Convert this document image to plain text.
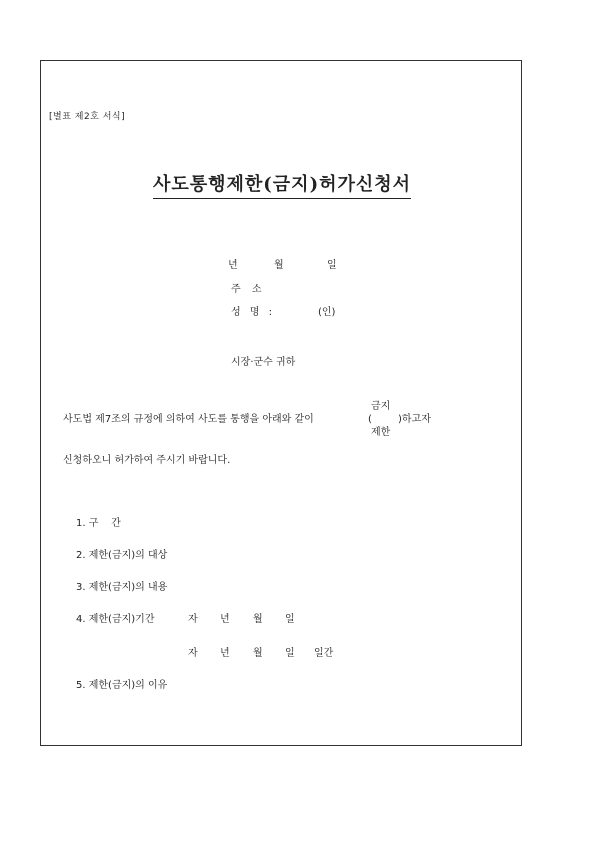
[별표 제2호 서식]
사도통행제한(금지)허가신청서
년	월	일
주 소
성 명 :	(인)
시장·군수 귀하
금지
사도법 제7조의 규정에 의하여 사도를 통행을 아래와 같이	(	)하고자
제한
신청하오니 허가하여 주시기 바랍니다.
1. 구    간
2. 제한(금지)의 대상
3. 제한(금지)의 내용
4. 제한(금지)기간	자 년 월 일
자 년 월 일 일간
5. 제한(금지)의 이유
